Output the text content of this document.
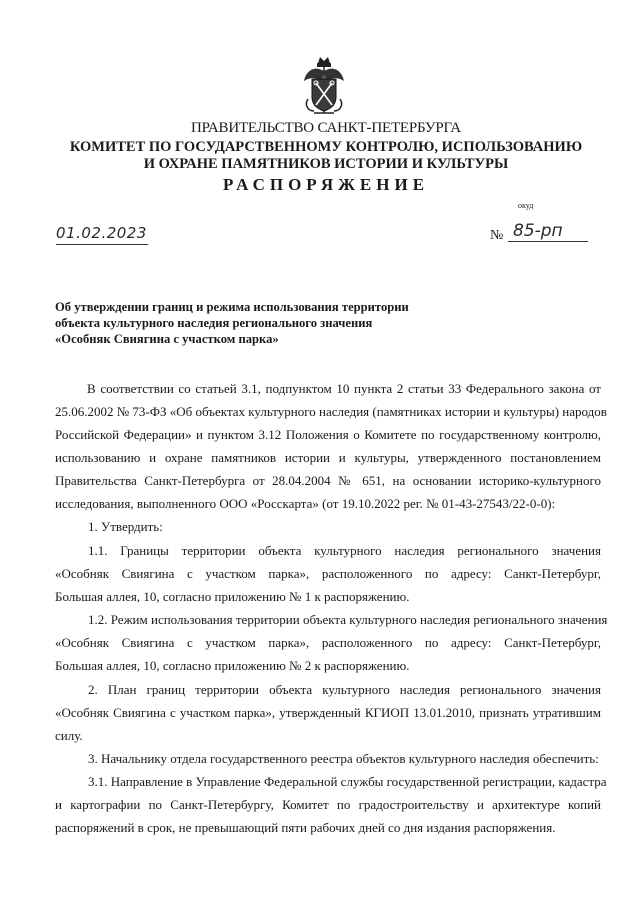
ПРАВИТЕЛЬСТВО САНКТ-ПЕТЕРБУРГА
КОМИТЕТ ПО ГОСУДАРСТВЕННОМУ КОНТРОЛЮ, ИСПОЛЬЗОВАНИЮ
И ОХРАНЕ ПАМЯТНИКОВ ИСТОРИИ И КУЛЬТУРЫ
РАСПОРЯЖЕНИЕ
окуд
01.02.2023	№ 85-рп
Об утверждении границ и режима использования территории
объекта культурного наследия регионального значения
«Особняк Свиягина с участком парка»
В соответствии со статьей 3.1, подпунктом 10 пункта 2 статьи 33 Федерального закона от
25.06.2002 № 73-ФЗ «Об объектах культурного наследия (памятниках истории и культуры) народов
Российской Федерации» и пунктом 3.12 Положения о Комитете по государственному контролю,
использованию и охране памятников истории и культуры, утвержденного постановлением
Правительства Санкт-Петербурга от 28.04.2004 № 651, на основании историко-культурного
исследования, выполненного ООО «Росскарта» (от 19.10.2022 рег. № 01-43-27543/22-0-0):
1. Утвердить:
1.1. Границы территории объекта культурного наследия регионального значения
«Особняк Свиягина с участком парка», расположенного по адресу: Санкт-Петербург,
Большая аллея, 10, согласно приложению № 1 к распоряжению.
1.2. Режим использования территории объекта культурного наследия регионального значения
«Особняк Свиягина с участком парка», расположенного по адресу: Санкт-Петербург,
Большая аллея, 10, согласно приложению № 2 к распоряжению.
2. План границ территории объекта культурного наследия регионального значения
«Особняк Свиягина с участком парка», утвержденный КГИОП 13.01.2010, признать утратившим
силу.
3. Начальнику отдела государственного реестра объектов культурного наследия обеспечить:
3.1. Направление в Управление Федеральной службы государственной регистрации, кадастра
и картографии по Санкт-Петербургу, Комитет по градостроительству и архитектуре копий
распоряжений в срок, не превышающий пяти рабочих дней со дня издания распоряжения.
